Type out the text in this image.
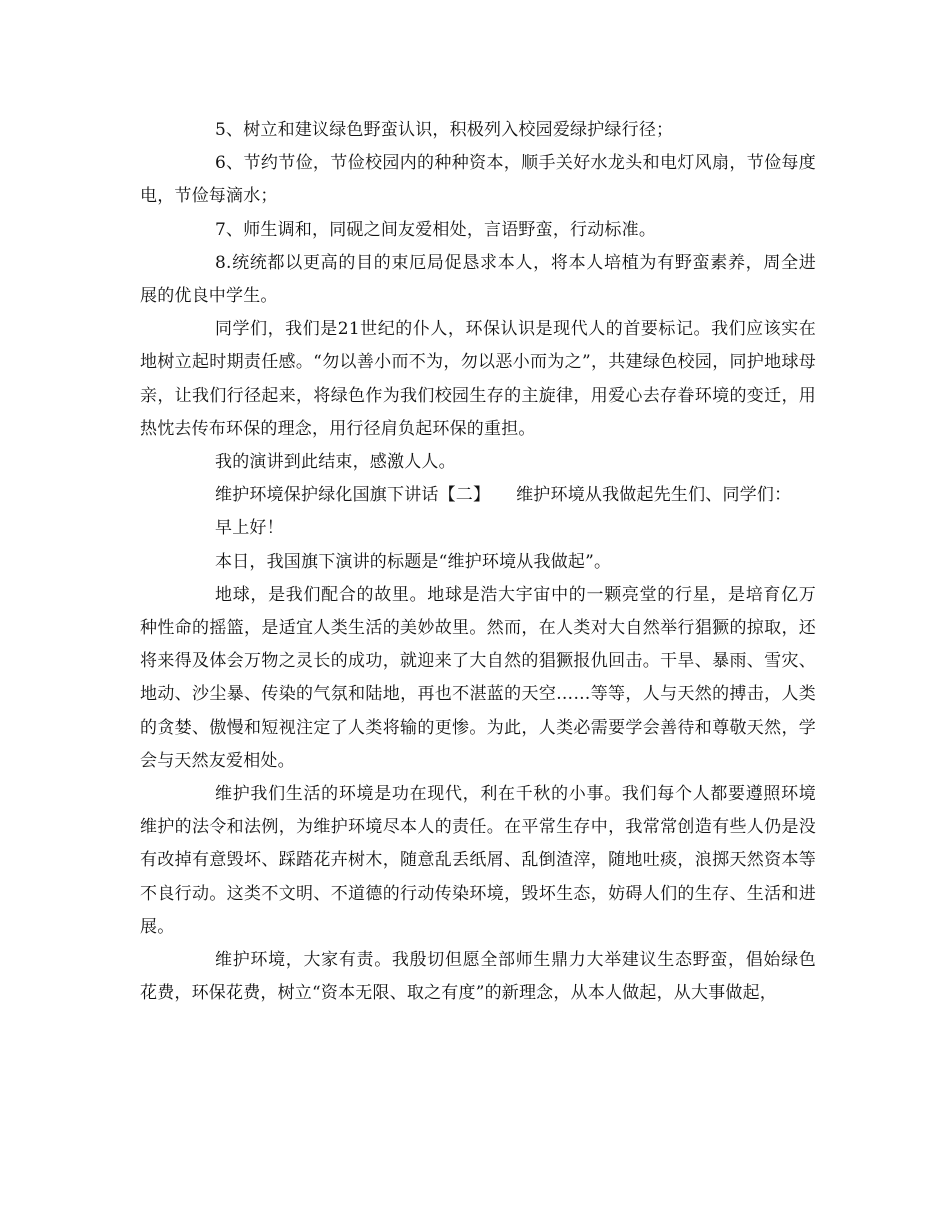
5、树立和建议绿色野蛮认识，积极列入校园爱绿护绿行径；

6、节约节俭，节俭校园内的种种资本，顺手关好水龙头和电灯风扇，节俭每度电，节俭每滴水；

7、师生调和，同砚之间友爱相处，言语野蛮，行动标准。

8.统统都以更高的目的束厄局促恳求本人，将本人培植为有野蛮素养，周全进展的优良中学生。

同学们，我们是21世纪的仆人，环保认识是现代人的首要标记。我们应该实在地树立起时期责任感。“勿以善小而不为，勿以恶小而为之”，共建绿色校园，同护地球母亲，让我们行径起来，将绿色作为我们校园生存的主旋律，用爱心去存眷环境的变迁，用热忱去传布环保的理念，用行径肩负起环保的重担。

我的演讲到此结束，感激人人。

维护环境保护绿化国旗下讲话【二】　　维护环境从我做起先生们、同学们：

早上好！

本日，我国旗下演讲的标题是“维护环境从我做起”。

地球，是我们配合的故里。地球是浩大宇宙中的一颗亮堂的行星，是培育亿万种性命的摇篮，是适宜人类生活的美妙故里。然而，在人类对大自然举行猖獗的掠取，还将来得及体会万物之灵长的成功，就迎来了大自然的猖獗报仇回击。干旱、暴雨、雪灾、地动、沙尘暴、传染的气氛和陆地，再也不湛蓝的天空……等等，人与天然的搏击，人类的贪婪、傲慢和短视注定了人类将输的更惨。为此，人类必需要学会善待和尊敬天然，学会与天然友爱相处。

维护我们生活的环境是功在现代，利在千秋的小事。我们每个人都要遵照环境维护的法令和法例，为维护环境尽本人的责任。在平常生存中，我常常创造有些人仍是没有改掉有意毁坏、踩踏花卉树木，随意乱丢纸屑、乱倒渣滓，随地吐痰，浪掷天然资本等不良行动。这类不文明、不道德的行动传染环境，毁坏生态，妨碍人们的生存、生活和进展。

维护环境，大家有责。我殷切但愿全部师生鼎力大举建议生态野蛮，倡始绿色花费，环保花费，树立“资本无限、取之有度”的新理念，从本人做起，从大事做起，
